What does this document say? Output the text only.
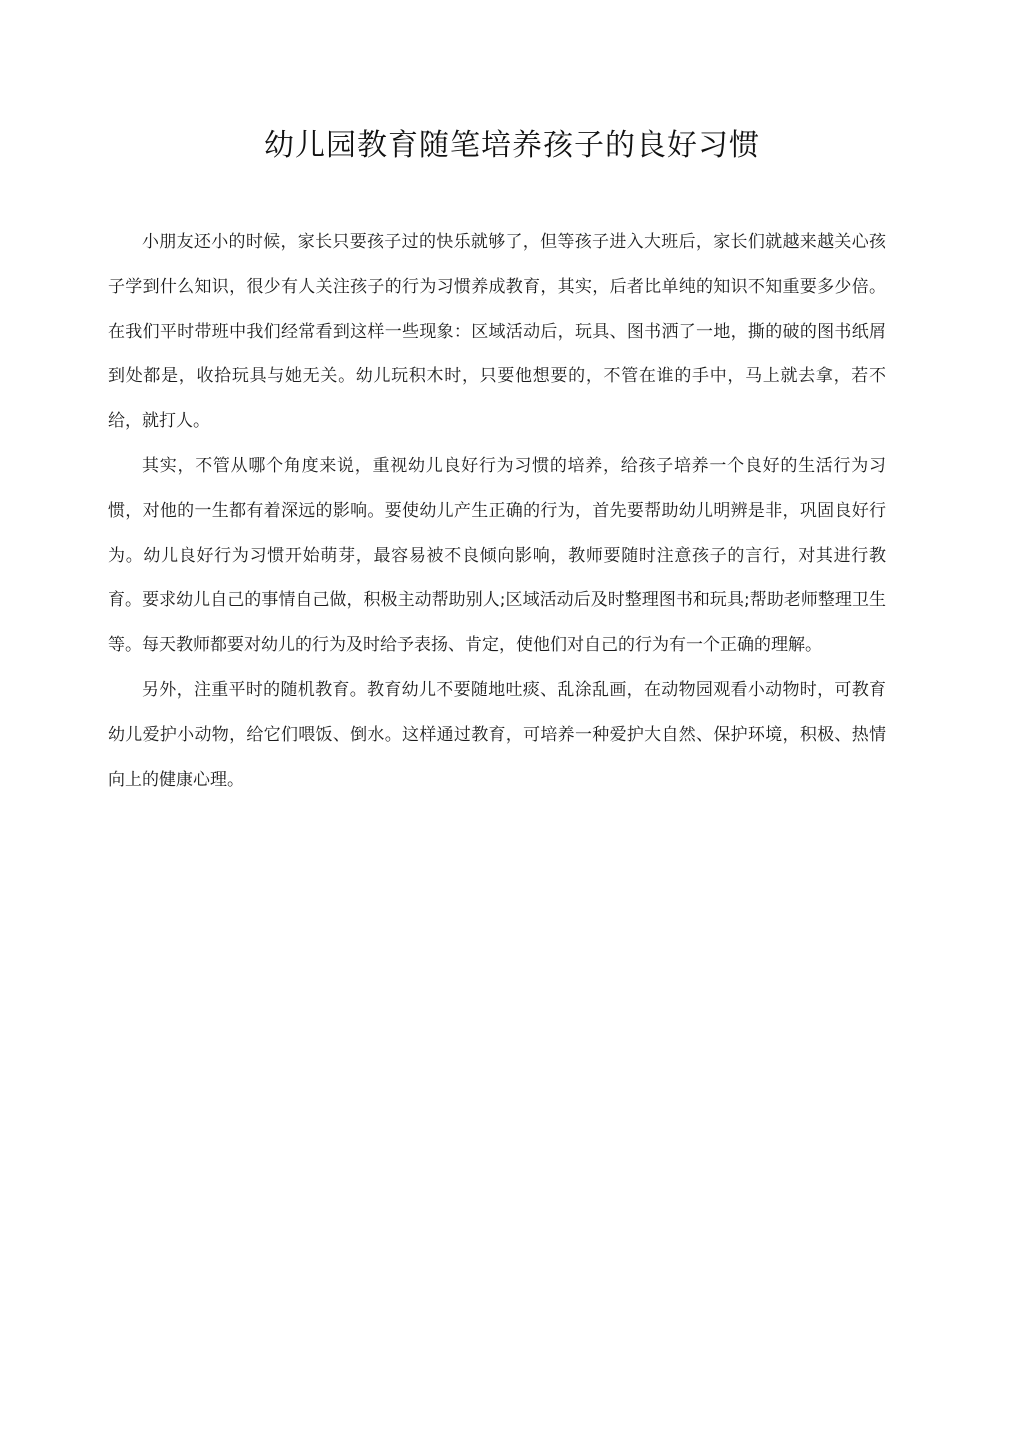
幼儿园教育随笔培养孩子的良好习惯

小朋友还小的时候，家长只要孩子过的快乐就够了，但等孩子进入大班后，家长们就越来越关心孩子学到什么知识，很少有人关注孩子的行为习惯养成教育，其实，后者比单纯的知识不知重要多少倍。在我们平时带班中我们经常看到这样一些现象：区域活动后，玩具、图书洒了一地，撕的破的图书纸屑到处都是，收拾玩具与她无关。幼儿玩积木时，只要他想要的，不管在谁的手中，马上就去拿，若不给，就打人。

其实，不管从哪个角度来说，重视幼儿良好行为习惯的培养，给孩子培养一个良好的生活行为习惯，对他的一生都有着深远的影响。要使幼儿产生正确的行为，首先要帮助幼儿明辨是非，巩固良好行为。幼儿良好行为习惯开始萌芽，最容易被不良倾向影响，教师要随时注意孩子的言行，对其进行教育。要求幼儿自己的事情自己做，积极主动帮助别人;区域活动后及时整理图书和玩具;帮助老师整理卫生等。每天教师都要对幼儿的行为及时给予表扬、肯定，使他们对自己的行为有一个正确的理解。

另外，注重平时的随机教育。教育幼儿不要随地吐痰、乱涂乱画，在动物园观看小动物时，可教育幼儿爱护小动物，给它们喂饭、倒水。这样通过教育，可培养一种爱护大自然、保护环境，积极、热情向上的健康心理。
